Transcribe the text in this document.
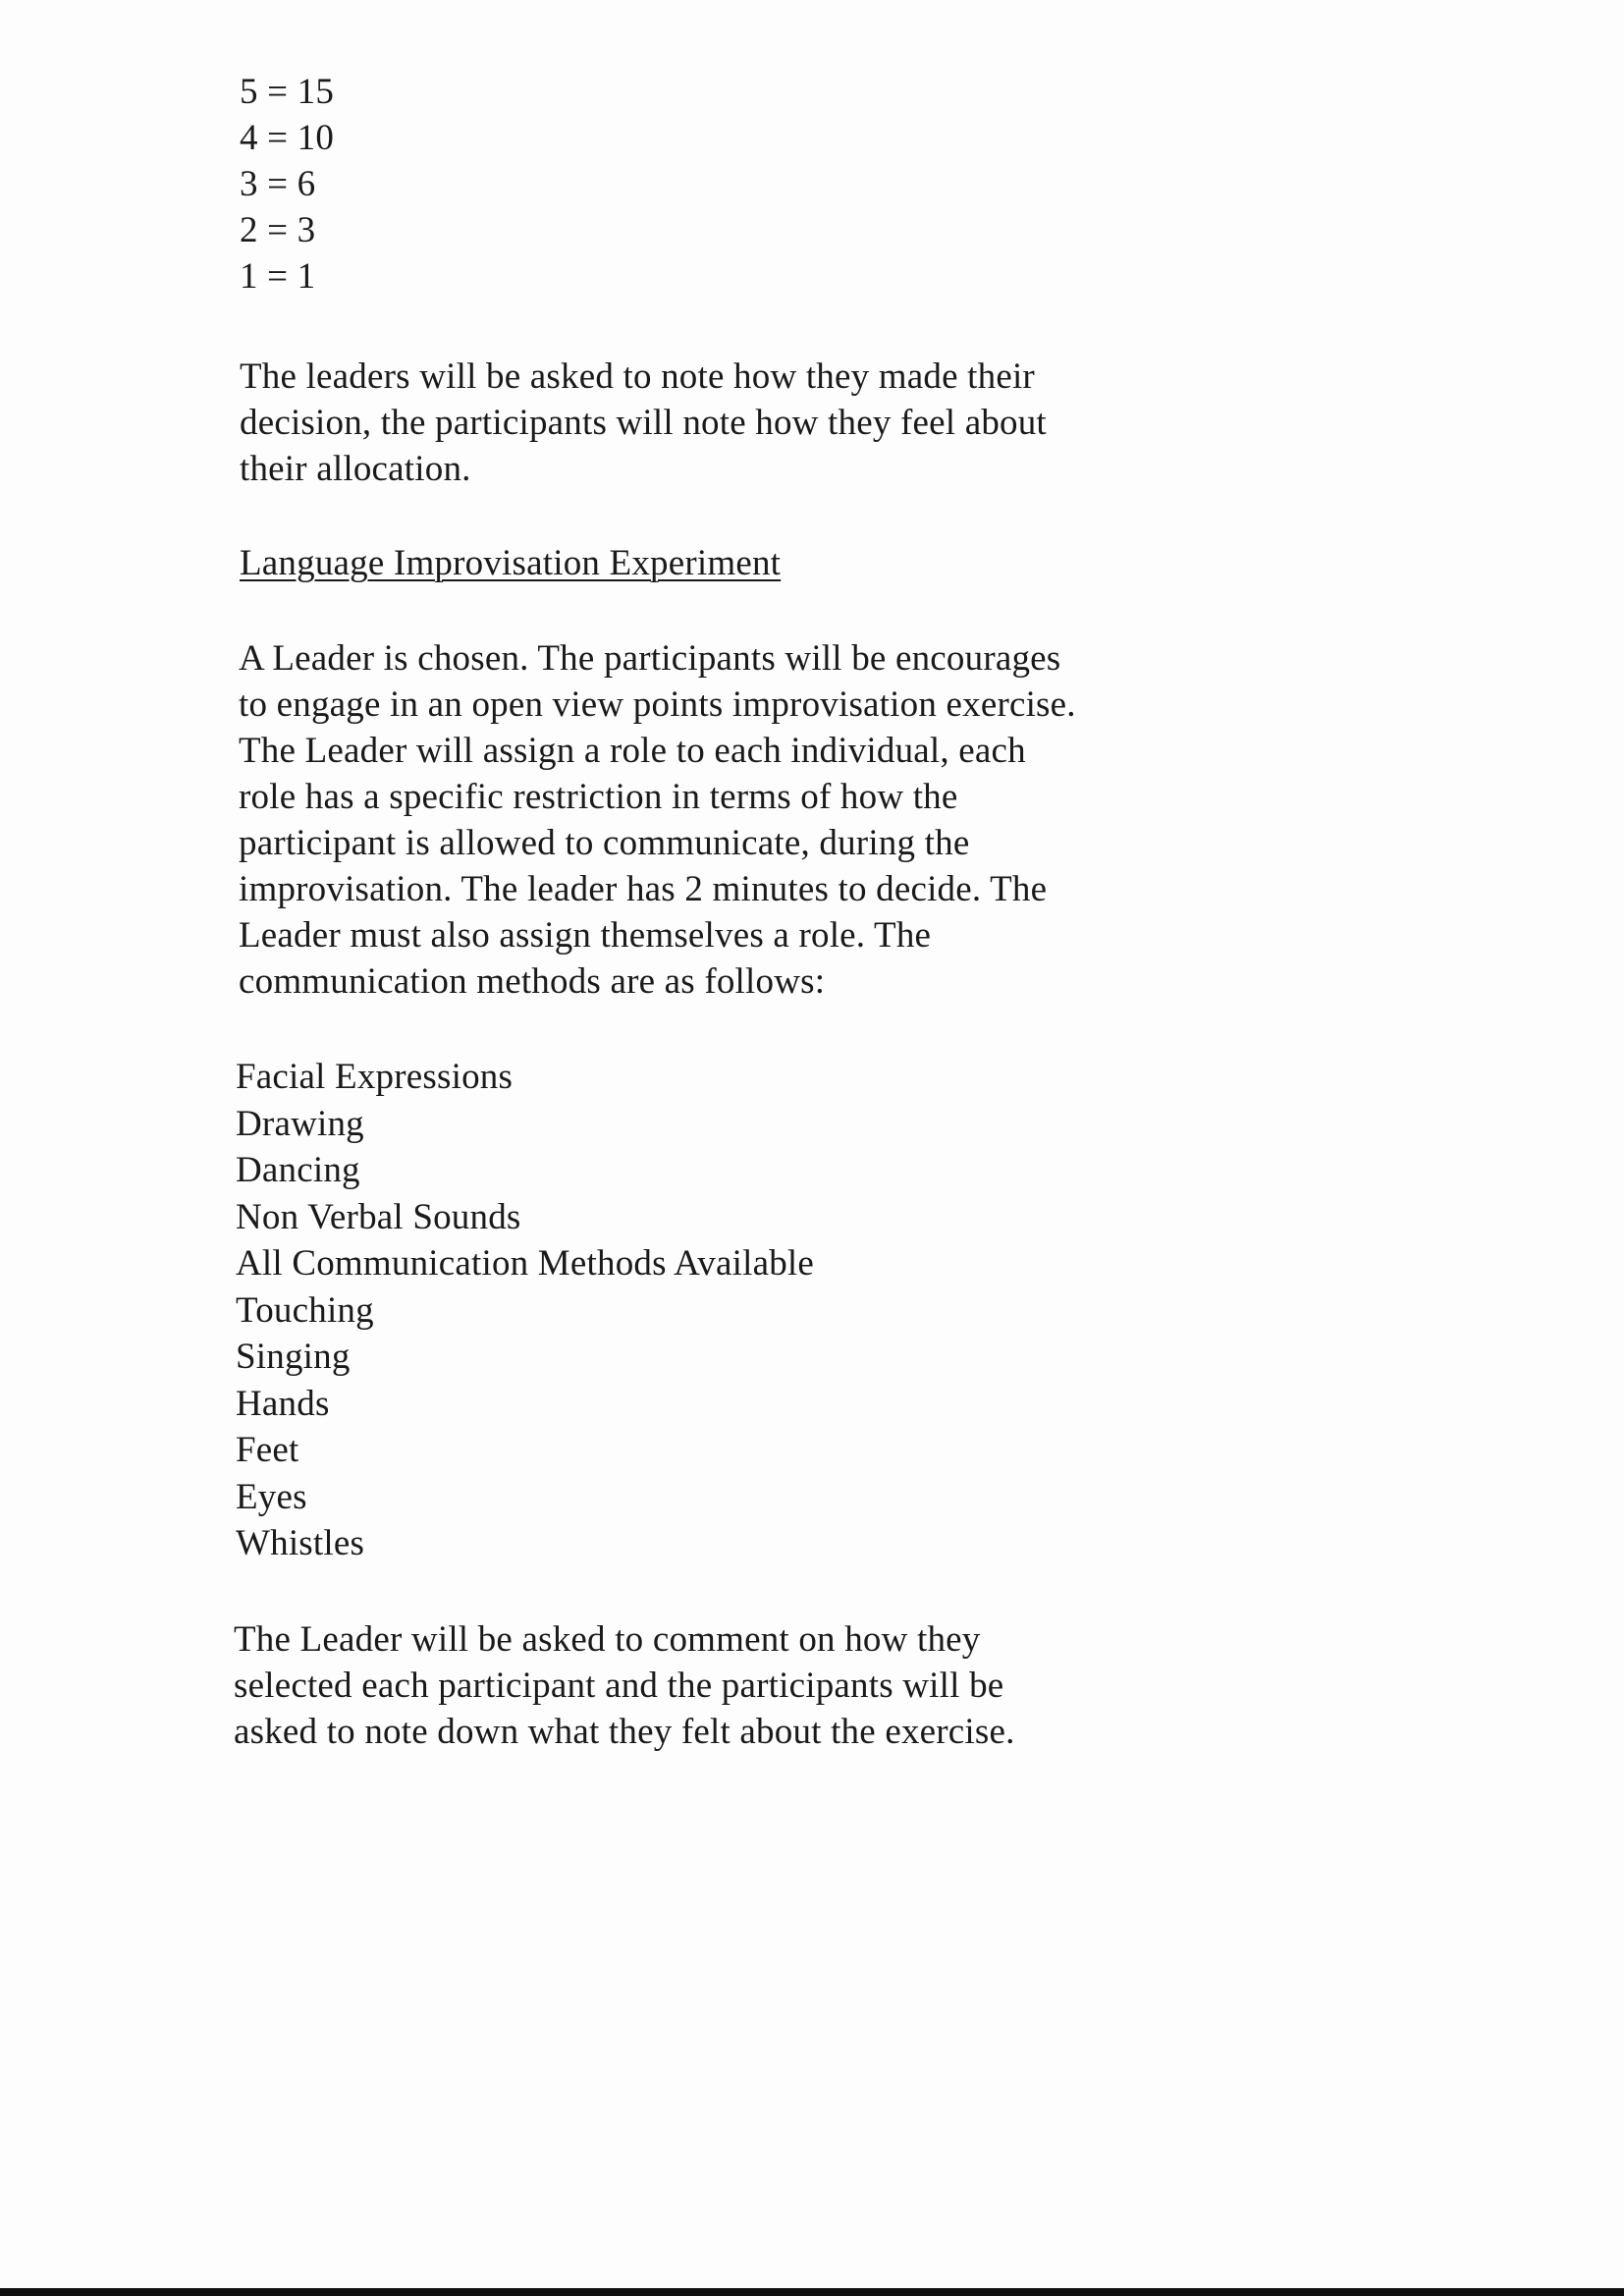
5 = 15
4 = 10
3 = 6
2 = 3
1 = 1
The leaders will be asked to note how they made their
decision, the participants will note how they feel about
their allocation.
Language Improvisation Experiment
A Leader is chosen. The participants will be encourages
to engage in an open view points improvisation exercise.
The Leader will assign a role to each individual, each
role has a specific restriction in terms of how the
participant is allowed to communicate, during the
improvisation. The leader has 2 minutes to decide. The
Leader must also assign themselves a role. The
communication methods are as follows:
Facial Expressions
Drawing
Dancing
Non Verbal Sounds
All Communication Methods Available
Touching
Singing
Hands
Feet
Eyes
Whistles
The Leader will be asked to comment on how they
selected each participant and the participants will be
asked to note down what they felt about the exercise.
